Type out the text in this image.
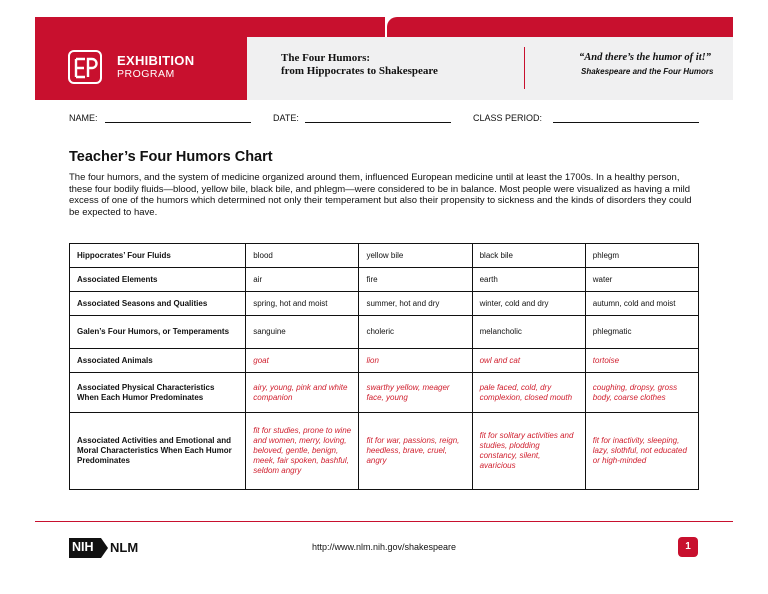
EXHIBITION
PROGRAM
The Four Humors:
from Hippocrates to Shakespeare
“And there’s the humor of it!”
Shakespeare and the Four Humors
NAME:	DATE:	CLASS PERIOD:
Teacher’s Four Humors Chart
The four humors, and the system of medicine organized around them, influenced European medicine until at least the 1700s. In a healthy person, these four bodily fluids—blood, yellow bile, black bile, and phlegm—were considered to be in balance. Most people were visualized as having a mild excess of one of the humors which determined not only their temperament but also their propensity to sickness and the kinds of disorders they could be expected to have.
Hippocrates’ Four Fluids	blood	yellow bile	black bile	phlegm
Associated Elements	air	fire	earth	water
Associated Seasons and Qualities	spring, hot and moist	summer, hot and dry	winter, cold and dry	autumn, cold and moist
Galen’s Four Humors, or Temperaments	sanguine	choleric	melancholic	phlegmatic
Associated Animals	goat	lion	owl and cat	tortoise
Associated Physical Characteristics When Each Humor Predominates	airy, young, pink and white companion	swarthy yellow, meager face, young	pale faced, cold, dry complexion, closed mouth	coughing, dropsy, gross body, coarse clothes
Associated Activities and Emotional and Moral Characteristics When Each Humor Predominates	fit for studies, prone to wine and women, merry, loving, beloved, gentle, benign, meek, fair spoken, bashful, seldom angry	fit for war, passions, reign, heedless, brave, cruel, angry	fit for solitary activities and studies, plodding constancy, silent, avaricious	fit for inactivity, sleeping, lazy, slothful, not educated or high-minded
NIH NLM	http://www.nlm.nih.gov/shakespeare	1
